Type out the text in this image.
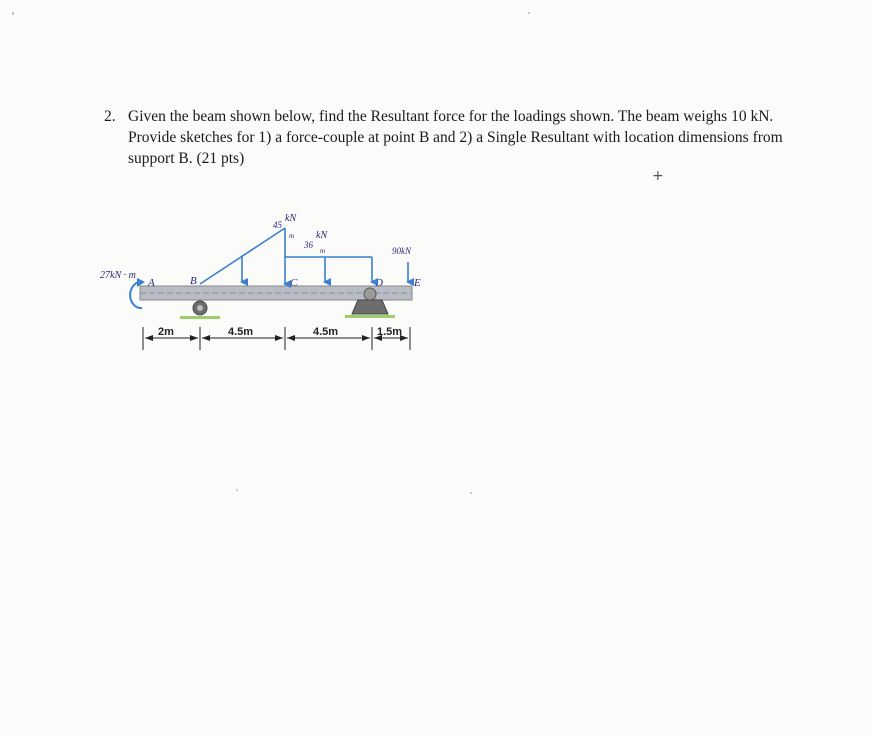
2. Given the beam shown below, find the Resultant force for the loadings shown. The beam weighs 10 kN. Provide sketches for 1) a force-couple at point B and 2) a Single Resultant with location dimensions from support B. (21 pts)
+
27kN · m
A	B	C	D	E
45
kN
m
36
kN
m	90kN
2m	4.5m	4.5m	1.5m
